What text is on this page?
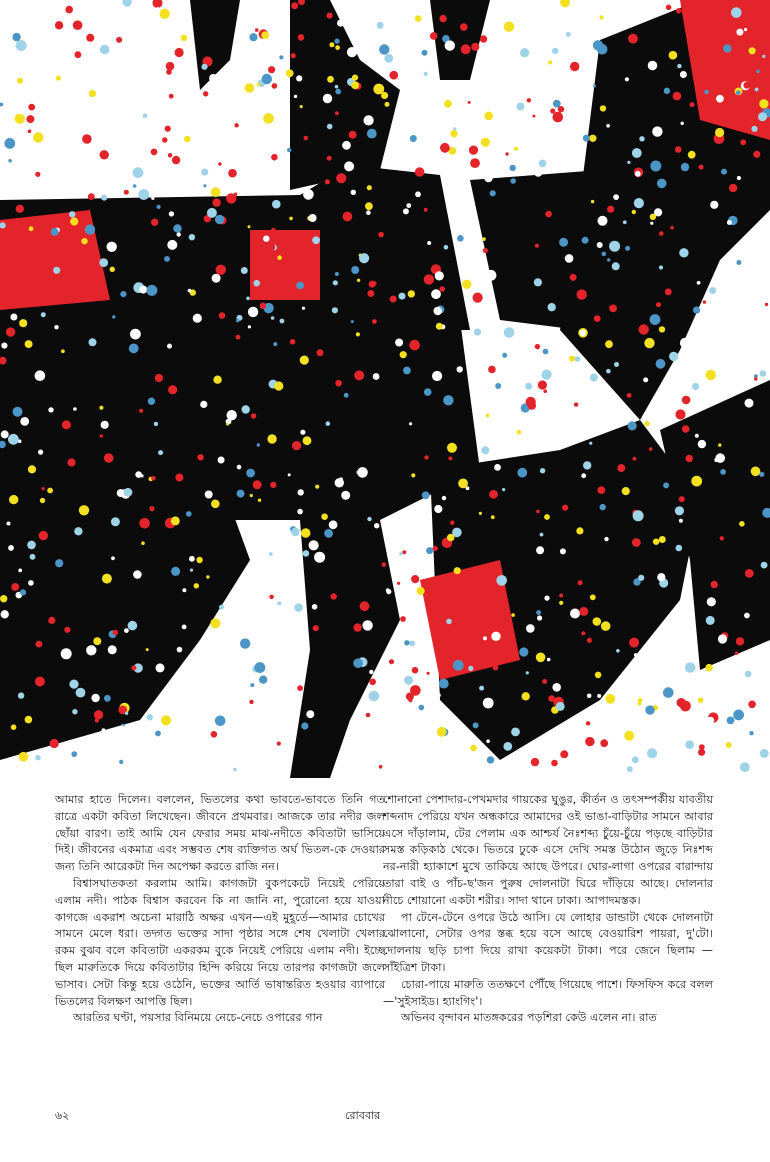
আমার হাতে দিলেন। বললেন, ভিতলের কথা ভাবতে-ভাবতে তিনি গত রাত্রে একটা কবিতা লিখেছেন। জীবনে প্রথমবার। আজকে তার নদীর জল ছোঁয়া বারণ। তাই আমি যেন ফেরার সময় মাঝ-নদীতে কবিতাটা ভাসিয়ে দিই। জীবনের একমাত্র এবং সম্ভবত শেষ ব্যক্তিগত অর্ঘ ভিতল-কে দেওয়ার জন্য তিনি আরেকটা দিন অপেক্ষা করতে রাজি নন।

বিশ্বাসঘাতকতা করলাম আমি। কাগজটা বুকপকেটে নিয়েই পেরিয়ে এলাম নদী। পাঠক বিশ্বাস করবেন কি না জানি না, পুরোনো হয়ে যাওয়া কাগজে একরাশ অচেনা মারাঠি অক্ষর এখন—এই মুহূর্তে—আমার চোখের সামনে মেলে ধরা। তদ্গত ভক্তের সাদা পৃষ্ঠার সঙ্গে শেষ খেলাটা খেলার রকম বুঝব বলে কবিতাটা একরকম বুকে নিয়েই পেরিয়ে এলাম নদী। ইচ্ছে ছিল মারুতিকে দিয়ে কবিতাটার হিন্দি করিয়ে নিয়ে তারপর কাগজটা জলে ভাসাব। সেটা কিন্তু হয়ে ওঠেনি, ভক্তের আর্তি ভাষান্তরিত হওয়ার ব্যাপারে ভিতলের বিলক্ষণ আপত্তি ছিল।

আরতির ঘণ্টা, পয়সার বিনিময়ে নেচে-নেচে ওপারের গান

শোনানো পেশাদার-পেখমদার গায়কের ঘুঙুর, কীর্তন ও তৎসম্পর্কীয় যাবতীয় শব্দনাদ পেরিয়ে যখন অন্ধকারে আমাদের ওই ভাঙা-বাড়িটার সামনে আবার এসে দাঁড়ালাম, টের পেলাম এক আশ্চর্য নৈঃশব্দ্য চুঁয়ে-চুঁয়ে পড়ছে বাড়িটার সমস্ত কড়িকাঠ থেকে। ভিতরে ঢুকে এসে দেখি সমস্ত উঠোন জুড়ে নিঃশব্দ নর-নারী হ্যাকাশে মুখে তাকিয়ে আছে উপরে। ঘোর-লাগা ওপরের বারান্দায় তারা বাই ও পাঁচ-ছ'জন পুরুষ দোলনাটা ঘিরে দাঁড়িয়ে আছে। দোলনার নীচে শোয়ানো একটা শরীর। সাদা থানে ঢাকা। আপাদমস্তক।

পা টেনে-টেনে ওপরে উঠে আসি। যে লোহার ডান্ডাটা থেকে দোলনাটা ঝোলানো, সেটার ওপর স্তব্ধ হয়ে বসে আছে বেওয়ারিশ পায়রা, দু'টো। দোলনায় ছড়ি চাপা দিয়ে রাখা কয়েকটা টাকা। পরে জেনে ছিলাম —সাঁইত্রিশ টাকা।

চোরা-পায়ে মারুতি ততক্ষণে পৌঁছে গিয়েছে পাশে। ফিসফিস করে বলল—'সুইসাইড। হ্যাংগিং'।

অভিনব বৃন্দাবন মাতঙ্গকরের পড়শিরা কেউ এলেন না। রাত

৬২	রোববার
